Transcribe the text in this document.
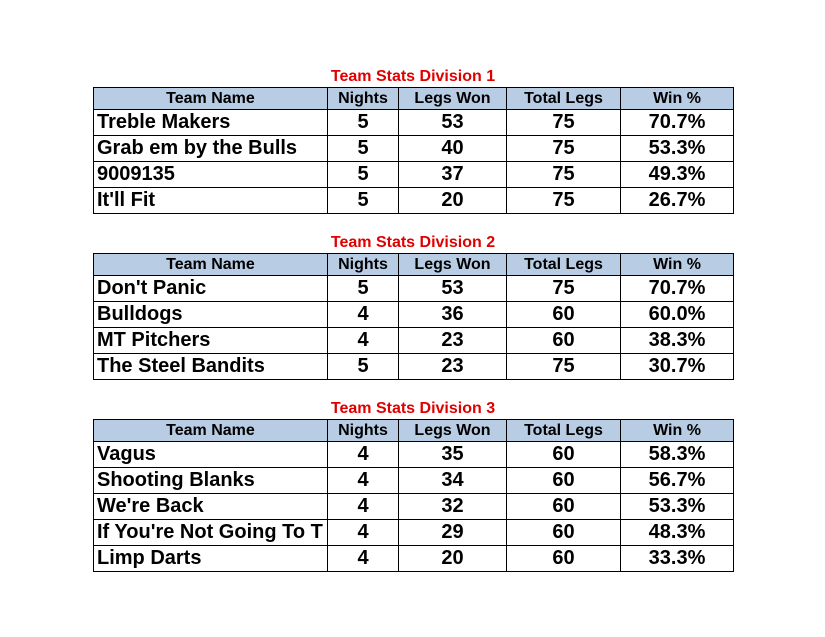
Team Stats Division 1
Team Name	Nights	Legs Won	Total Legs	Win %
Treble Makers	5	53	75	70.7%
Grab em by the Bulls	5	40	75	53.3%
9009135	5	37	75	49.3%
It'll Fit	5	20	75	26.7%
Team Stats Division 2
Team Name	Nights	Legs Won	Total Legs	Win %
Don't Panic	5	53	75	70.7%
Bulldogs	4	36	60	60.0%
MT Pitchers	4	23	60	38.3%
The Steel Bandits	5	23	75	30.7%
Team Stats Division 3
Team Name	Nights	Legs Won	Total Legs	Win %
Vagus	4	35	60	58.3%
Shooting Blanks	4	34	60	56.7%
We're Back	4	32	60	53.3%
If You're Not Going To T	4	29	60	48.3%
Limp Darts	4	20	60	33.3%
